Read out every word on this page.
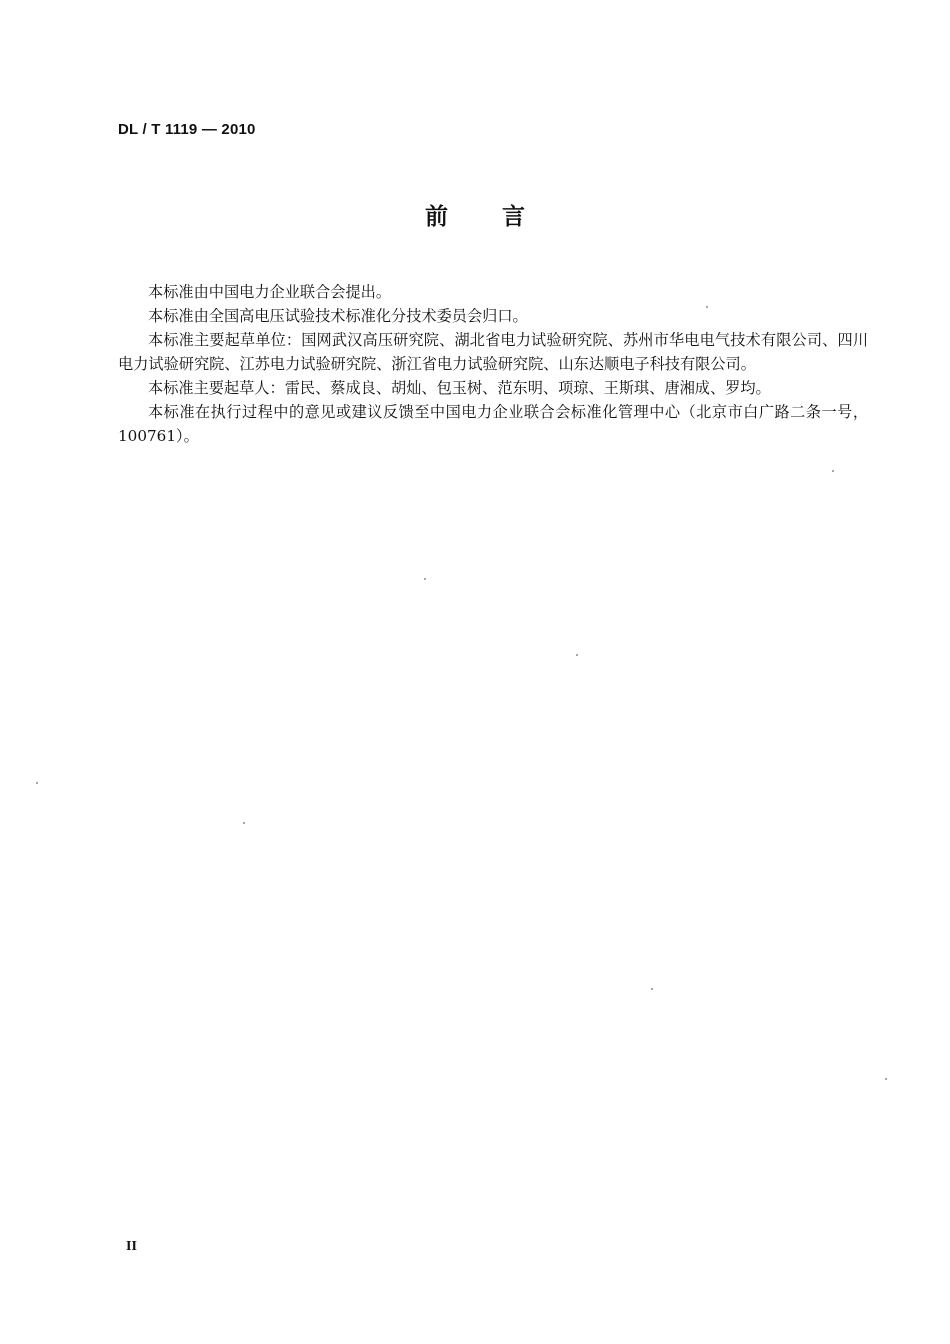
DL / T 1119 — 2010
前 言

本标准由中国电力企业联合会提出。

本标准由全国高电压试验技术标准化分技术委员会归口。

本标准主要起草单位：国网武汉高压研究院、湖北省电力试验研究院、苏州市华电电气技术有限公司、四川电力试验研究院、江苏电力试验研究院、浙江省电力试验研究院、山东达顺电子科技有限公司。

本标准主要起草人：雷民、蔡成良、胡灿、包玉树、范东明、项琼、王斯琪、唐湘成、罗均。

本标准在执行过程中的意见或建议反馈至中国电力企业联合会标准化管理中心（北京市白广路二条一号，100761）。

II
